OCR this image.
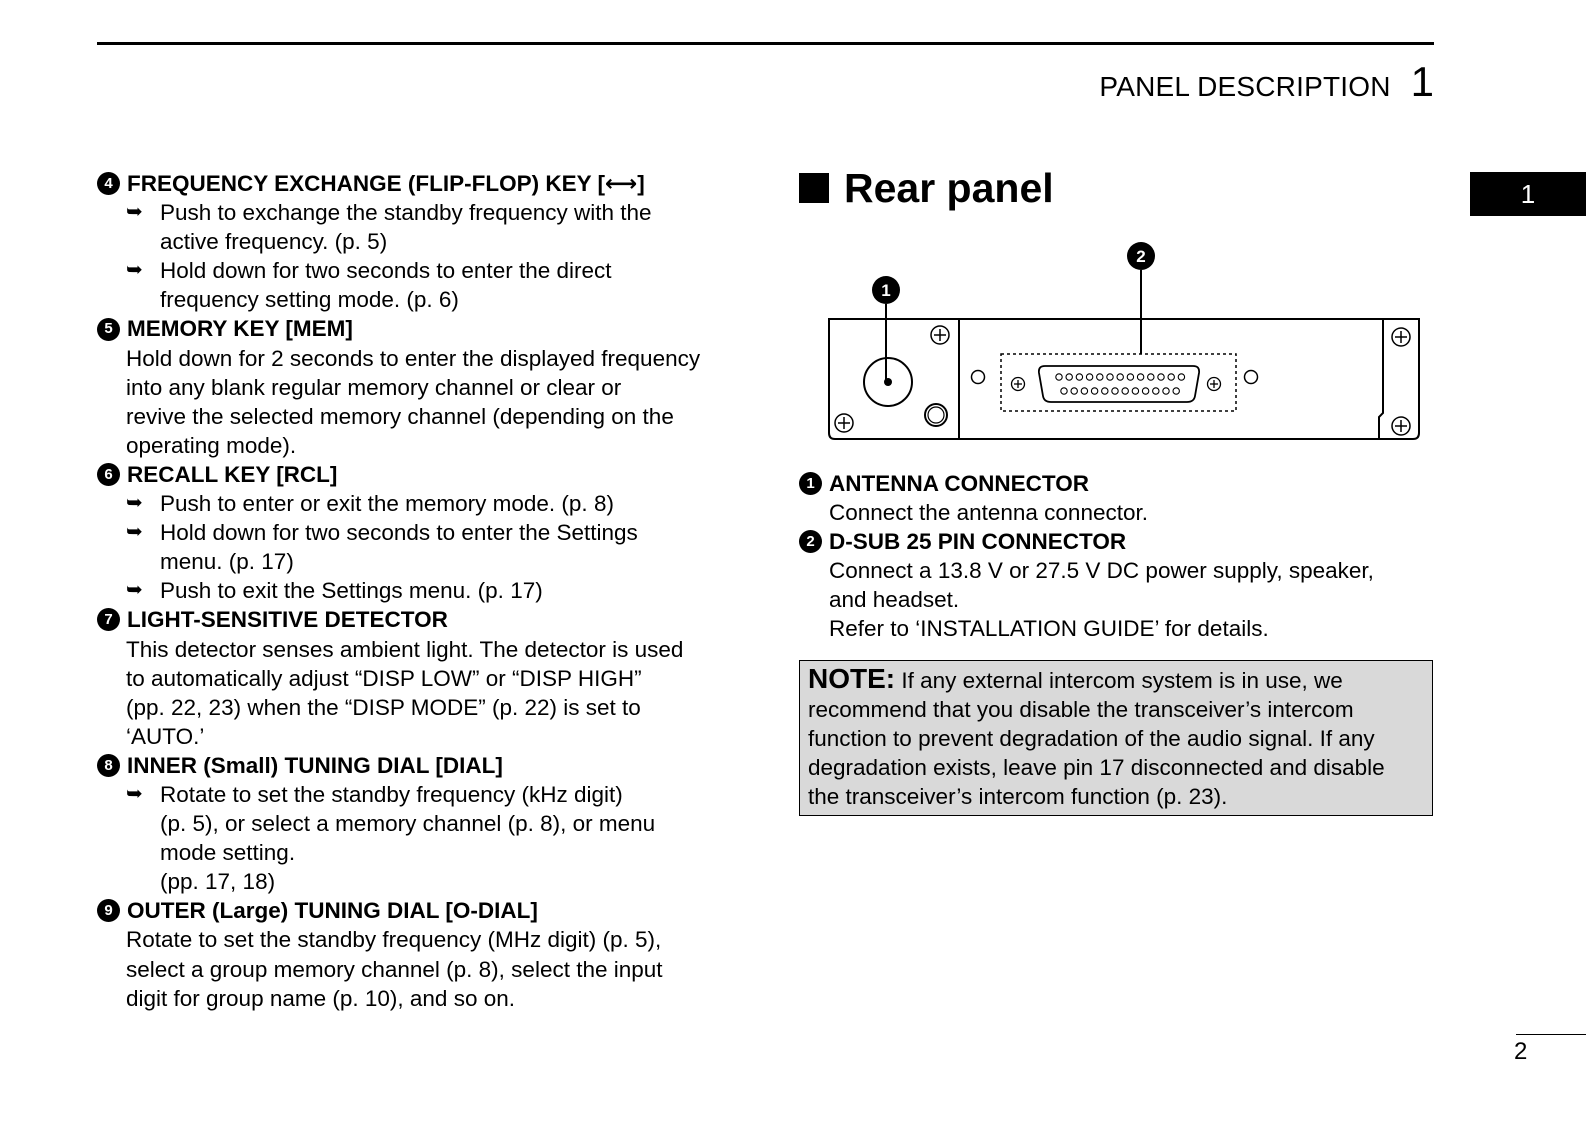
PANEL DESCRIPTION 1
1
4 FREQUENCY EXCHANGE (FLIP-FLOP) KEY [⟷]
➥ Push to exchange the standby frequency with the
active frequency. (p. 5)
➥ Hold down for two seconds to enter the direct
frequency setting mode. (p. 6)
5 MEMORY KEY [MEM]
Hold down for 2 seconds to enter the displayed frequency
into any blank regular memory channel or clear or
revive the selected memory channel (depending on the
operating mode).
6 RECALL KEY [RCL]
➥ Push to enter or exit the memory mode. (p. 8)
➥ Hold down for two seconds to enter the Settings
menu. (p. 17)
➥ Push to exit the Settings menu. (p. 17)
7 LIGHT-SENSITIVE DETECTOR
This detector senses ambient light. The detector is used
to automatically adjust “DISP LOW” or “DISP HIGH”
(pp. 22, 23) when the “DISP MODE” (p. 22) is set to
‘AUTO.’
8 INNER (Small) TUNING DIAL [DIAL]
➥ Rotate to set the standby frequency (kHz digit)
(p. 5), or select a memory channel (p. 8), or menu
mode setting.
(pp. 17, 18)
9 OUTER (Large) TUNING DIAL [O-DIAL]
Rotate to set the standby frequency (MHz digit) (p. 5),
select a group memory channel (p. 8), select the input
digit for group name (p. 10), and so on.
Rear panel
2
1
1 ANTENNA CONNECTOR
Connect the antenna connector.
2 D-SUB 25 PIN CONNECTOR
Connect a 13.8 V or 27.5 V DC power supply, speaker,
and headset.
Refer to ‘INSTALLATION GUIDE’ for details.
NOTE: If any external intercom system is in use, we
recommend that you disable the transceiver’s intercom
function to prevent degradation of the audio signal. If any
degradation exists, leave pin 17 disconnected and disable
the transceiver’s intercom function (p. 23).
2
